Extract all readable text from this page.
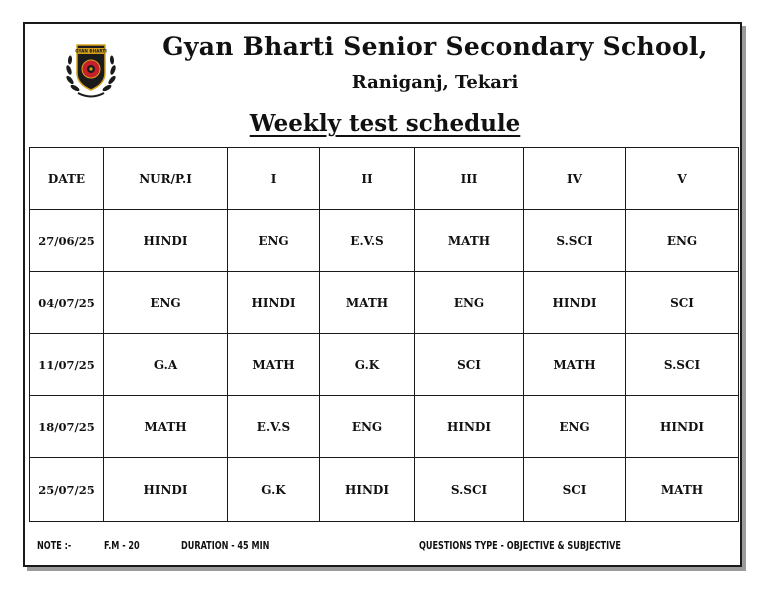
GYAN BHARTI	Gyan Bharti Senior Secondary School,
Raniganj, Tekari
Weekly test schedule
DATE	NUR/P.I	I	II	III	IV	V
27/06/25	HINDI	ENG	E.V.S	MATH	S.SCI	ENG
04/07/25	ENG	HINDI	MATH	ENG	HINDI	SCI
11/07/25	G.A	MATH	G.K	SCI	MATH	S.SCI
18/07/25	MATH	E.V.S	ENG	HINDI	ENG	HINDI
25/07/25	HINDI	G.K	HINDI	S.SCI	SCI	MATH
NOTE :-	F.M - 20	DURATION - 45 MIN	QUESTIONS TYPE - OBJECTIVE & SUBJECTIVE
